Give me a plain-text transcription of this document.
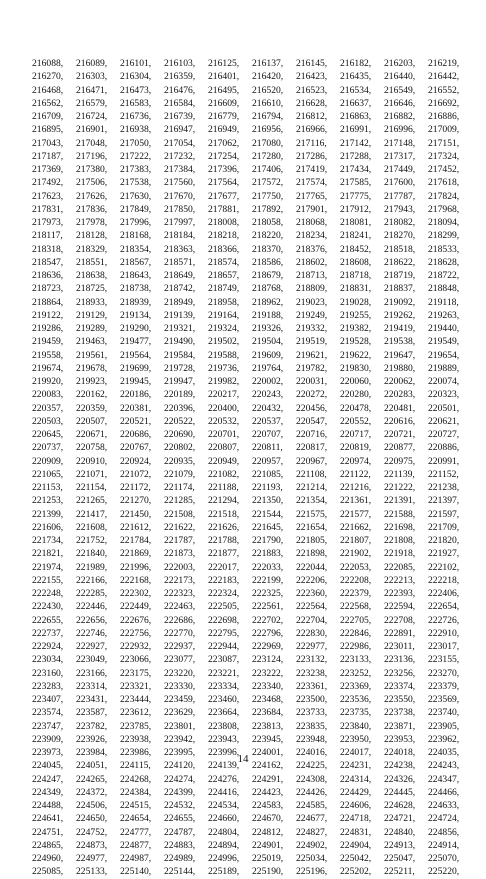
216088,	216089,	216101,	216103,	216125,	216137,	216145,	216182,	216203,	216219,
216270,	216303,	216304,	216359,	216401,	216420,	216423,	216435,	216440,	216442,
216468,	216471,	216473,	216476,	216495,	216520,	216523,	216534,	216549,	216552,
216562,	216579,	216583,	216584,	216609,	216610,	216628,	216637,	216646,	216692,
216709,	216724,	216736,	216739,	216779,	216794,	216812,	216863,	216882,	216886,
216895,	216901,	216938,	216947,	216949,	216956,	216966,	216991,	216996,	217009,
217043,	217048,	217050,	217054,	217062,	217080,	217116,	217142,	217148,	217151,
217187,	217196,	217222,	217232,	217254,	217280,	217286,	217288,	217317,	217324,
217369,	217380,	217383,	217384,	217396,	217406,	217419,	217434,	217449,	217452,
217492,	217506,	217538,	217560,	217564,	217572,	217574,	217585,	217600,	217618,
217623,	217626,	217630,	217670,	217677,	217750,	217765,	217775,	217787,	217824,
217831,	217836,	217849,	217850,	217881,	217892,	217901,	217912,	217943,	217968,
217973,	217978,	217996,	217997,	218008,	218058,	218068,	218081,	218082,	218094,
218117,	218128,	218168,	218184,	218218,	218220,	218234,	218241,	218270,	218299,
218318,	218329,	218354,	218363,	218366,	218370,	218376,	218452,	218518,	218533,
218547,	218551,	218567,	218571,	218574,	218586,	218602,	218608,	218622,	218628,
218636,	218638,	218643,	218649,	218657,	218679,	218713,	218718,	218719,	218722,
218723,	218725,	218738,	218742,	218749,	218768,	218809,	218831,	218837,	218848,
218864,	218933,	218939,	218949,	218958,	218962,	219023,	219028,	219092,	219118,
219122,	219129,	219134,	219139,	219164,	219188,	219249,	219255,	219262,	219263,
219286,	219289,	219290,	219321,	219324,	219326,	219332,	219382,	219419,	219440,
219459,	219463,	219477,	219490,	219502,	219504,	219519,	219528,	219538,	219549,
219558,	219561,	219564,	219584,	219588,	219609,	219621,	219622,	219647,	219654,
219674,	219678,	219699,	219728,	219736,	219764,	219782,	219830,	219880,	219889,
219920,	219923,	219945,	219947,	219982,	220002,	220031,	220060,	220062,	220074,
220083,	220162,	220186,	220189,	220217,	220243,	220272,	220280,	220283,	220323,
220357,	220359,	220381,	220396,	220400,	220432,	220456,	220478,	220481,	220501,
220503,	220507,	220521,	220522,	220532,	220537,	220547,	220552,	220616,	220621,
220645,	220671,	220686,	220690,	220701,	220707,	220716,	220717,	220721,	220727,
220737,	220758,	220767,	220802,	220807,	220811,	220817,	220819,	220877,	220886,
220909,	220910,	220924,	220935,	220949,	220957,	220967,	220974,	220975,	220991,
221065,	221071,	221072,	221079,	221082,	221085,	221108,	221122,	221139,	221152,
221153,	221154,	221172,	221174,	221188,	221193,	221214,	221216,	221222,	221238,
221253,	221265,	221270,	221285,	221294,	221350,	221354,	221361,	221391,	221397,
221399,	221417,	221450,	221508,	221518,	221544,	221575,	221577,	221588,	221597,
221606,	221608,	221612,	221622,	221626,	221645,	221654,	221662,	221698,	221709,
221734,	221752,	221784,	221787,	221788,	221790,	221805,	221807,	221808,	221820,
221821,	221840,	221869,	221873,	221877,	221883,	221898,	221902,	221918,	221927,
221974,	221989,	221996,	222003,	222017,	222033,	222044,	222053,	222085,	222102,
222155,	222166,	222168,	222173,	222183,	222199,	222206,	222208,	222213,	222218,
222248,	222285,	222302,	222323,	222324,	222325,	222360,	222379,	222393,	222406,
222430,	222446,	222449,	222463,	222505,	222561,	222564,	222568,	222594,	222654,
222655,	222656,	222676,	222686,	222698,	222702,	222704,	222705,	222708,	222726,
222737,	222746,	222756,	222770,	222795,	222796,	222830,	222846,	222891,	222910,
222924,	222927,	222932,	222937,	222944,	222969,	222977,	222986,	223011,	223017,
223034,	223049,	223066,	223077,	223087,	223124,	223132,	223133,	223136,	223155,
223160,	223166,	223175,	223220,	223221,	223222,	223238,	223252,	223256,	223270,
223283,	223314,	223321,	223330,	223334,	223340,	223361,	223369,	223374,	223379,
223407,	223431,	223444,	223459,	223460,	223468,	223500,	223536,	223550,	223569,
223574,	223587,	223612,	223629,	223664,	223684,	223733,	223735,	223738,	223740,
223747,	223782,	223785,	223801,	223808,	223813,	223835,	223840,	223871,	223905,
223909,	223926,	223938,	223942,	223943,	223945,	223948,	223950,	223953,	223962,
223973,	223984,	223986,	223995,	223996,	224001,	224016,	224017,	224018,	224035,
224045,	224051,	224115,	224120,	224139,	224162,	224225,	224231,	224238,	224243,
224247,	224265,	224268,	224274,	224276,	224291,	224308,	224314,	224326,	224347,
224349,	224372,	224384,	224399,	224416,	224423,	224426,	224429,	224445,	224466,
224488,	224506,	224515,	224532,	224534,	224583,	224585,	224606,	224628,	224633,
224641,	224650,	224654,	224655,	224660,	224670,	224677,	224718,	224721,	224724,
224751,	224752,	224777,	224787,	224804,	224812,	224827,	224831,	224840,	224856,
224865,	224873,	224877,	224883,	224894,	224901,	224902,	224904,	224913,	224914,
224960,	224977,	224987,	224989,	224996,	225019,	225034,	225042,	225047,	225070,
225085,	225133,	225140,	225144,	225189,	225190,	225196,	225202,	225211,	225220,
14
